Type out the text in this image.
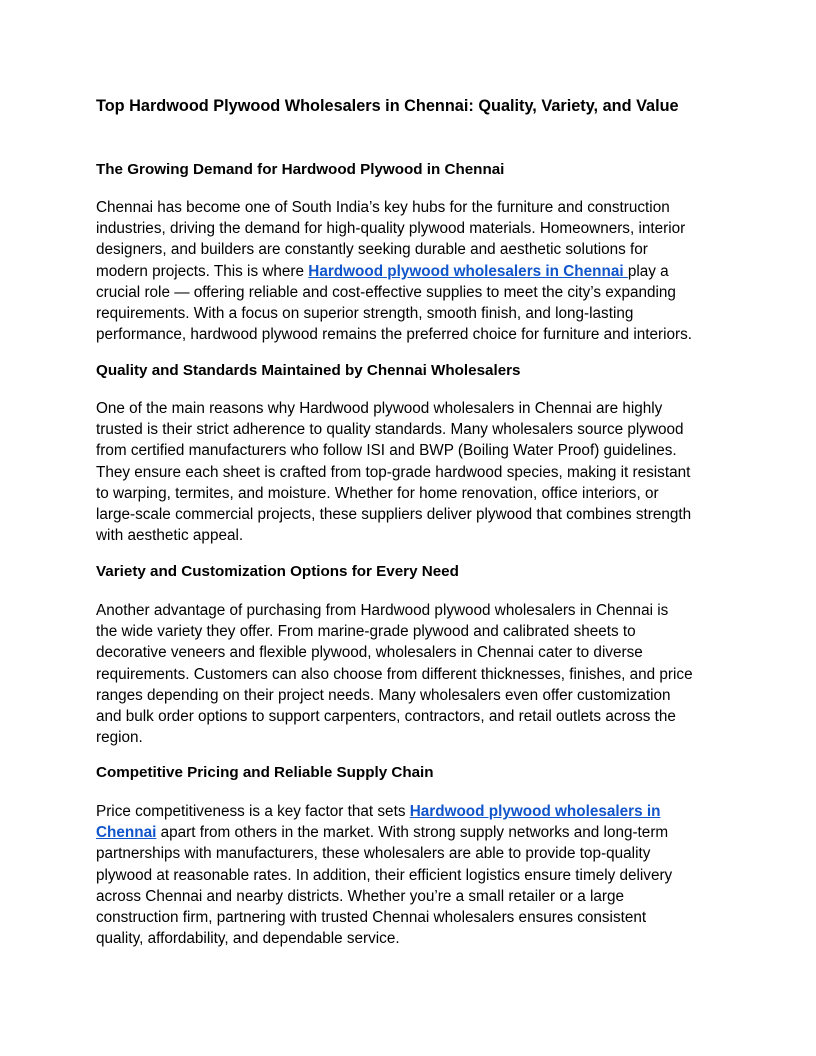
Top Hardwood Plywood Wholesalers in Chennai: Quality, Variety, and Value
The Growing Demand for Hardwood Plywood in Chennai
Chennai has become one of South India’s key hubs for the furniture and construction
industries, driving the demand for high-quality plywood materials. Homeowners, interior
designers, and builders are constantly seeking durable and aesthetic solutions for
modern projects. This is where Hardwood plywood wholesalers in Chennai play a
crucial role — offering reliable and cost-effective supplies to meet the city’s expanding
requirements. With a focus on superior strength, smooth finish, and long-lasting
performance, hardwood plywood remains the preferred choice for furniture and interiors.
Quality and Standards Maintained by Chennai Wholesalers
One of the main reasons why Hardwood plywood wholesalers in Chennai are highly
trusted is their strict adherence to quality standards. Many wholesalers source plywood
from certified manufacturers who follow ISI and BWP (Boiling Water Proof) guidelines.
They ensure each sheet is crafted from top-grade hardwood species, making it resistant
to warping, termites, and moisture. Whether for home renovation, office interiors, or
large-scale commercial projects, these suppliers deliver plywood that combines strength
with aesthetic appeal.
Variety and Customization Options for Every Need
Another advantage of purchasing from Hardwood plywood wholesalers in Chennai is
the wide variety they offer. From marine-grade plywood and calibrated sheets to
decorative veneers and flexible plywood, wholesalers in Chennai cater to diverse
requirements. Customers can also choose from different thicknesses, finishes, and price
ranges depending on their project needs. Many wholesalers even offer customization
and bulk order options to support carpenters, contractors, and retail outlets across the
region.
Competitive Pricing and Reliable Supply Chain
Price competitiveness is a key factor that sets Hardwood plywood wholesalers in
Chennai apart from others in the market. With strong supply networks and long-term
partnerships with manufacturers, these wholesalers are able to provide top-quality
plywood at reasonable rates. In addition, their efficient logistics ensure timely delivery
across Chennai and nearby districts. Whether you’re a small retailer or a large
construction firm, partnering with trusted Chennai wholesalers ensures consistent
quality, affordability, and dependable service.
